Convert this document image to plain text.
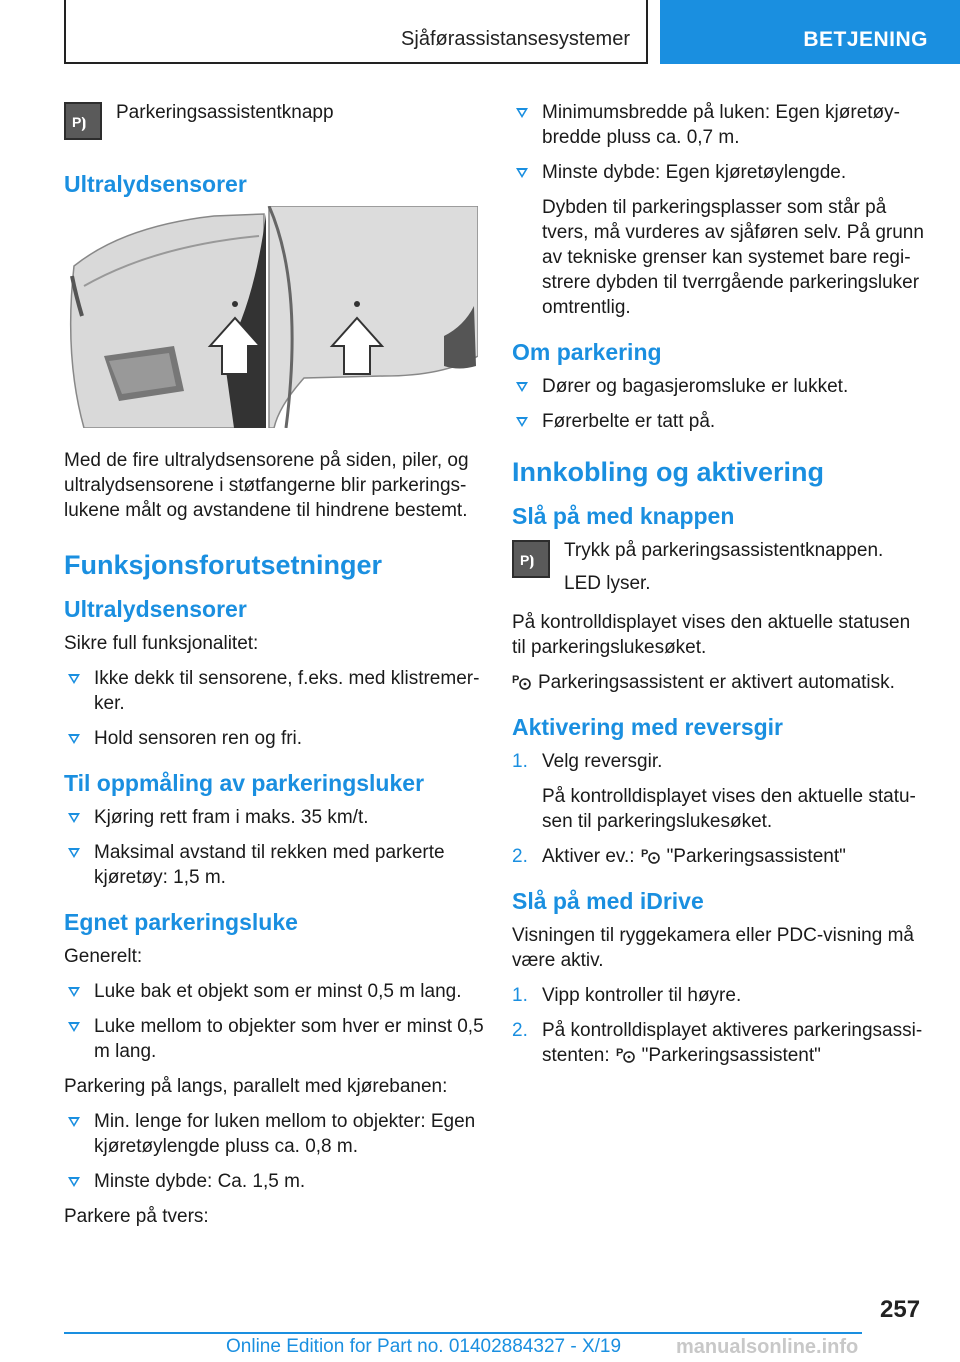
Sjåførassistansesystemer	BETJENING
P⦘ Parkeringsassistentknapp
Ultralydsensorer

Med de fire ultralydsensorene på siden, piler, og ultralydsensorene i støtfangerne blir parkerings-lukene målt og avstandene til hindrene bestemt.

Funksjonsforutsetninger
Ultralydsensorer

Sikre full funksjonalitet:

Ikke dekk til sensorene, f.eks. med klistremer-ker.
Hold sensoren ren og fri.
Til oppmåling av parkeringsluker
Kjøring rett fram i maks. 35 km/t.
Maksimal avstand til rekken med parkerte kjøretøy: 1,5 m.
Egnet parkeringsluke

Generelt:

Luke bak et objekt som er minst 0,5 m lang.
Luke mellom to objekter som hver er minst 0,5 m lang.

Parkering på langs, parallelt med kjørebanen:

Min. lenge for luken mellom to objekter: Egen kjøretøylengde pluss ca. 0,8 m.
Minste dybde: Ca. 1,5 m.

Parkere på tvers:

Minimumsbredde på luken: Egen kjøretøy-bredde pluss ca. 0,7 m.
Minste dybde: Egen kjøretøylengde.

Dybden til parkeringsplasser som står på tvers, må vurderes av sjåføren selv. På grunn av tekniske grenser kan systemet bare regi-strere dybden til tverrgående parkeringsluker omtrentlig.

Om parkering
Dører og bagasjeromsluke er lukket.
Førerbelte er tatt på.
Innkobling og aktivering
Slå på med knappen
P⦘ Trykk på parkeringsassistentknappen.
LED lyser.

På kontrolldisplayet vises den aktuelle statusen til parkeringslukesøket.

P Parkeringsassistent er aktivert automatisk.

Aktivering med reversgir
1. Velg reversgir.

På kontrolldisplayet vises den aktuelle statu-sen til parkeringslukesøket.

2. Aktiver ev.: P "Parkeringsassistent"
Slå på med iDrive

Visningen til ryggekamera eller PDC-visning må være aktiv.

1. Vipp kontroller til høyre.
2. På kontrolldisplayet aktiveres parkeringsassi-stenten: P "Parkeringsassistent"
257
Online Edition for Part no. 01402884327 - X/19	manualsonline.info
